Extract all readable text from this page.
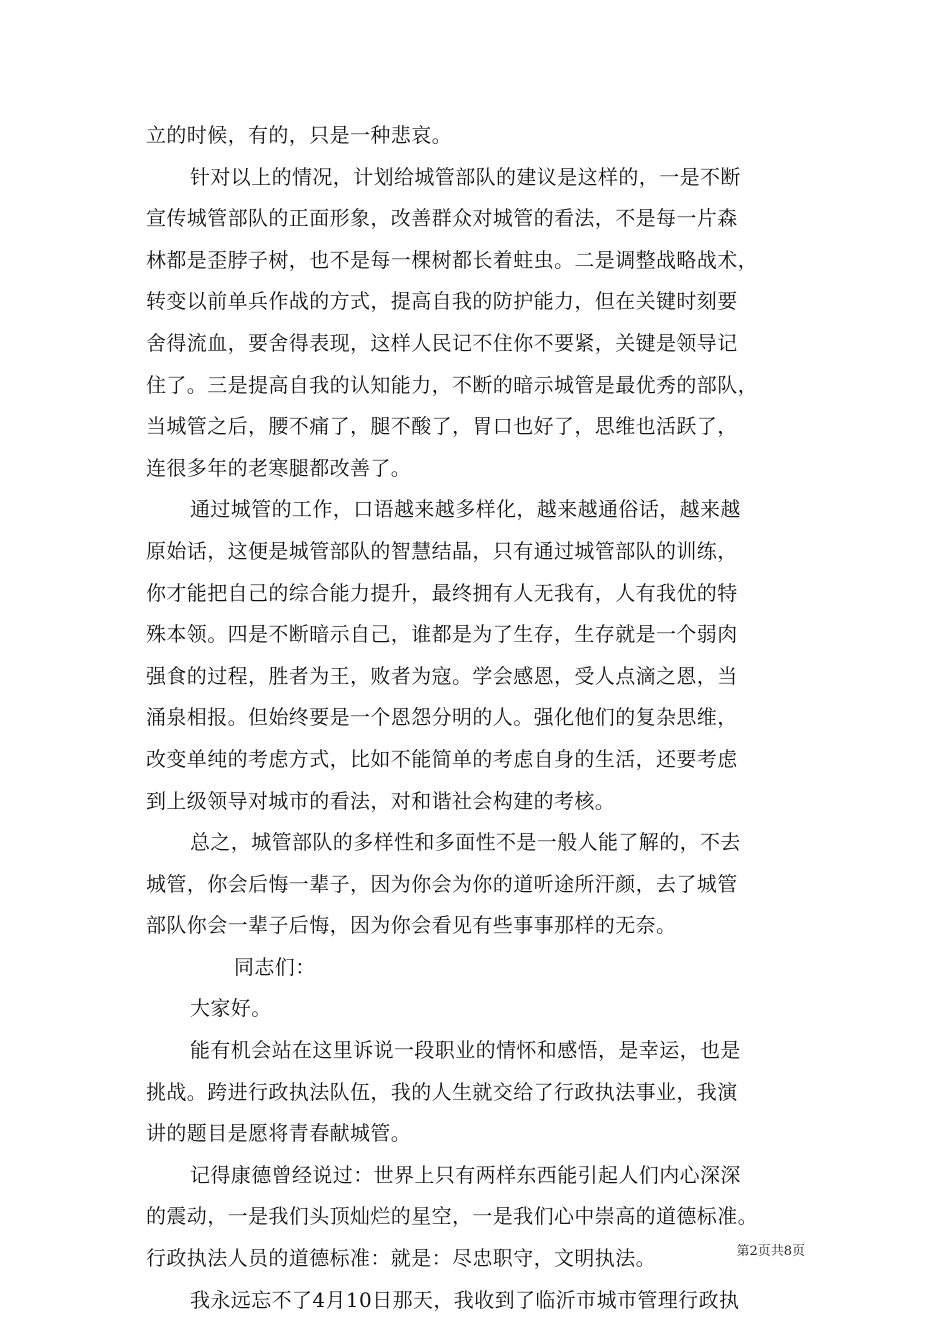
立的时候，有的，只是一种悲哀。
针对以上的情况，计划给城管部队的建议是这样的，一是不断
宣传城管部队的正面形象，改善群众对城管的看法，不是每一片森
林都是歪脖子树，也不是每一棵树都长着蛀虫。二是调整战略战术，
转变以前单兵作战的方式，提高自我的防护能力，但在关键时刻要
舍得流血，要舍得表现，这样人民记不住你不要紧，关键是领导记
住了。三是提高自我的认知能力，不断的暗示城管是最优秀的部队，
当城管之后，腰不痛了，腿不酸了，胃口也好了，思维也活跃了，
连很多年的老寒腿都改善了。
通过城管的工作，口语越来越多样化，越来越通俗话，越来越
原始话，这便是城管部队的智慧结晶，只有通过城管部队的训练，
你才能把自己的综合能力提升，最终拥有人无我有，人有我优的特
殊本领。四是不断暗示自己，谁都是为了生存，生存就是一个弱肉
强食的过程，胜者为王，败者为寇。学会感恩，受人点滴之恩，当
涌泉相报。但始终要是一个恩怨分明的人。强化他们的复杂思维，
改变单纯的考虑方式，比如不能简单的考虑自身的生活，还要考虑
到上级领导对城市的看法，对和谐社会构建的考核。
总之，城管部队的多样性和多面性不是一般人能了解的，不去
城管，你会后悔一辈子，因为你会为你的道听途所汗颜，去了城管
部队你会一辈子后悔，因为你会看见有些事事那样的无奈。
同志们：
大家好。
能有机会站在这里诉说一段职业的情怀和感悟，是幸运，也是
挑战。跨进行政执法队伍，我的人生就交给了行政执法事业，我演
讲的题目是愿将青春献城管。
记得康德曾经说过：世界上只有两样东西能引起人们内心深深
的震动，一是我们头顶灿烂的星空，一是我们心中崇高的道德标准。
行政执法人员的道德标准：就是：尽忠职守，文明执法。
我永远忘不了4月10日那天，我收到了临沂市城市管理行政执
第2页共8页
